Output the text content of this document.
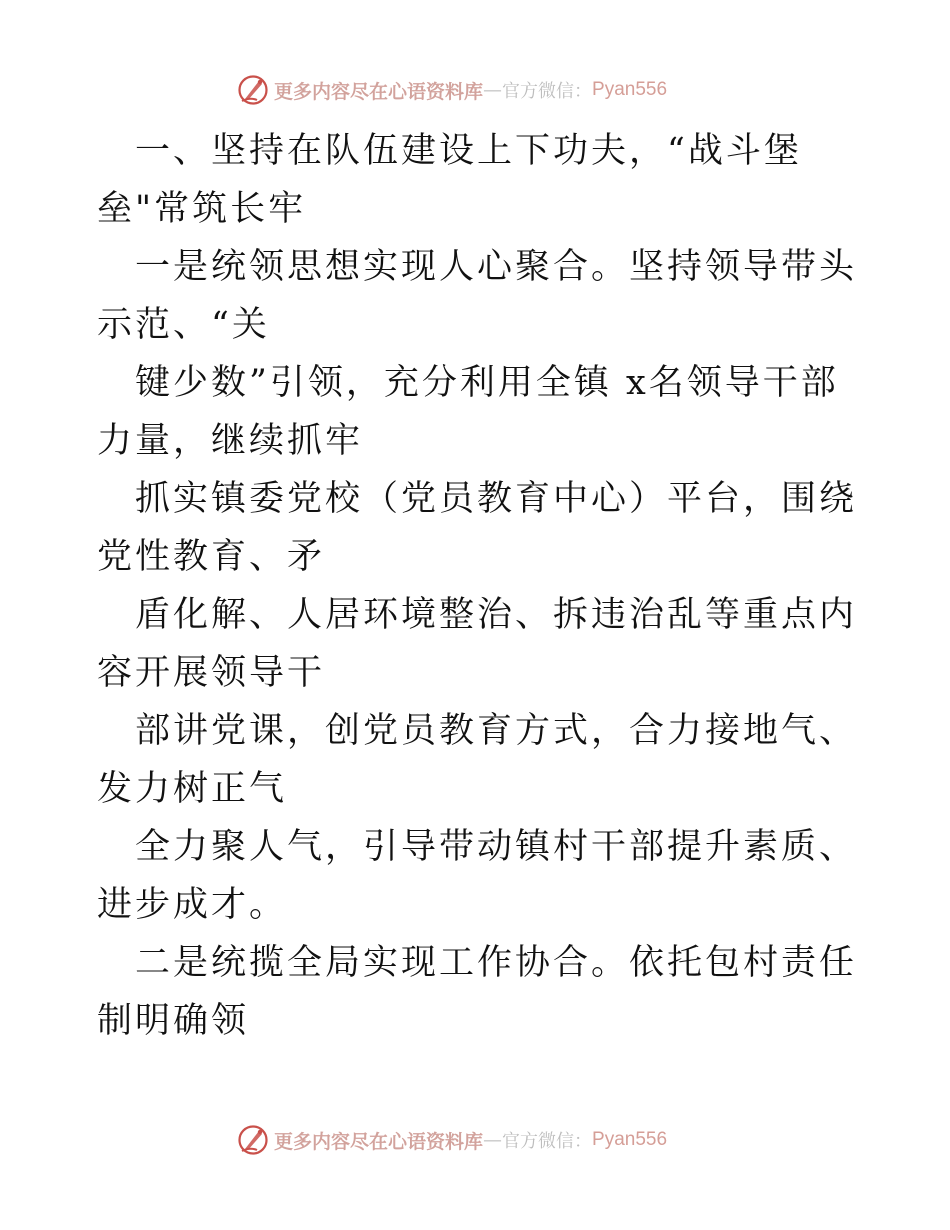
更多内容尽在心语资料库 — 官方微信： Pyan556

一、坚持在队伍建设上下功夫，“战斗堡垒"常筑长牢

一是统领思想实现人心聚合。坚持领导带头示范、“关

键少数”引领，充分利用全镇 x名领导干部力量，继续抓牢

抓实镇委党校（党员教育中心）平台，围绕党性教育、矛

盾化解、人居环境整治、拆违治乱等重点内容开展领导干

部讲党课，创党员教育方式，合力接地气、发力树正气

全力聚人气，引导带动镇村干部提升素质、进步成才。

二是统揽全局实现工作协合。依托包村责任制明确领

更多内容尽在心语资料库 — 官方微信： Pyan556
